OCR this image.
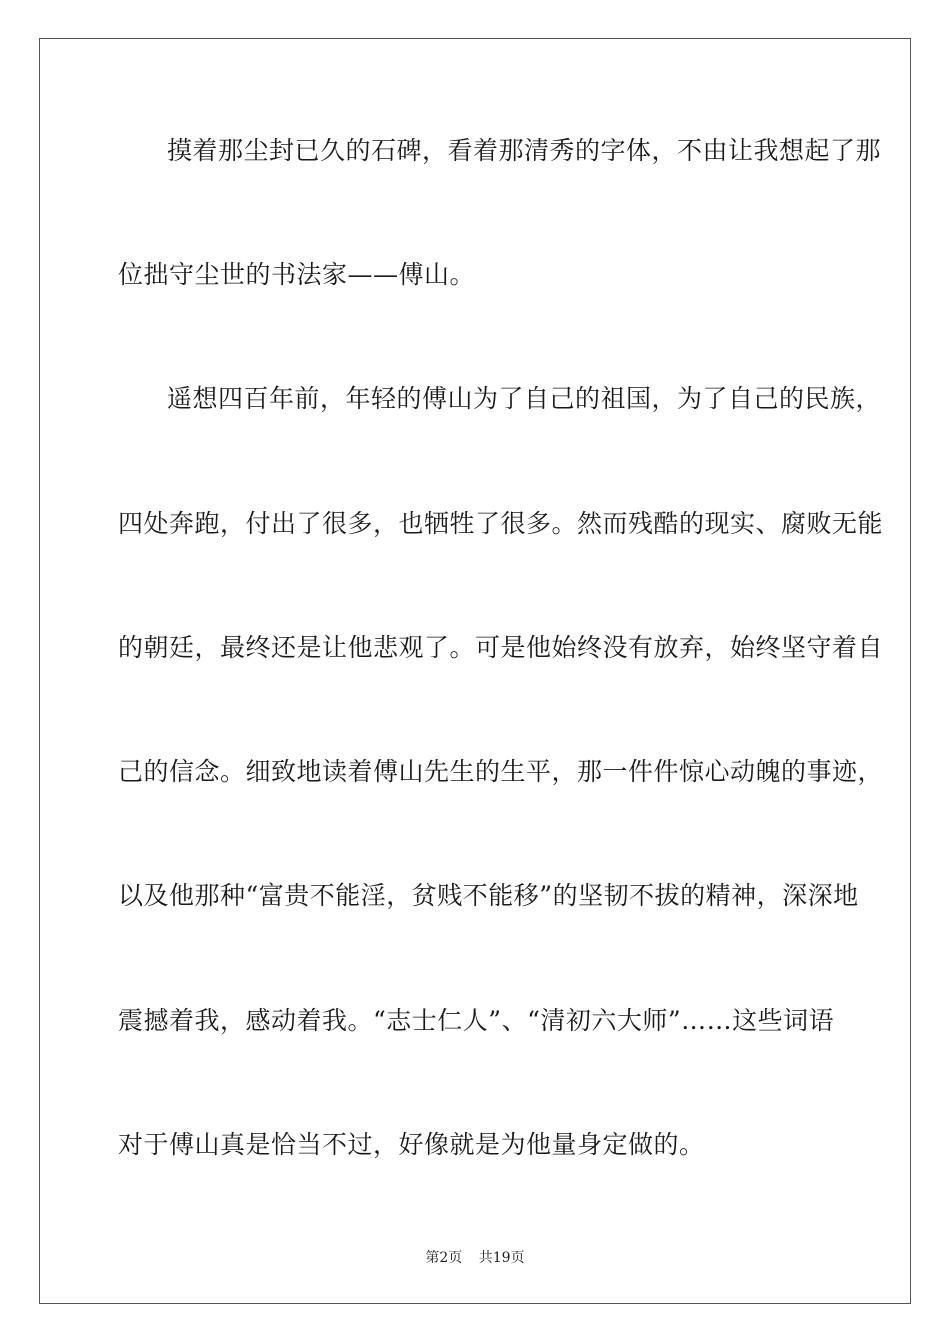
摸着那尘封已久的石碑，看着那清秀的字体，不由让我想起了那
位拙守尘世的书法家——傅山。
遥想四百年前，年轻的傅山为了自己的祖国，为了自己的民族，
四处奔跑，付出了很多，也牺牲了很多。然而残酷的现实、腐败无能
的朝廷，最终还是让他悲观了。可是他始终没有放弃，始终坚守着自
己的信念。细致地读着傅山先生的生平，那一件件惊心动魄的事迹，
以及他那种“富贵不能淫，贫贱不能移”的坚韧不拔的精神，深深地
震撼着我，感动着我。“志士仁人”、“清初六大师”……这些词语
对于傅山真是恰当不过，好像就是为他量身定做的。
第2页 共19页
